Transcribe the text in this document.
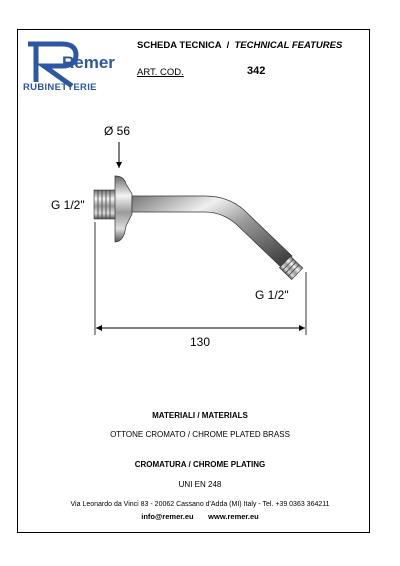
Remer
RUBINETTERIE
SCHEDA TECNICA / TECHNICAL FEATURES
ART. COD.	342
Ø 56
G 1/2"
G 1/2"
130
MATERIALI / MATERIALS
OTTONE CROMATO / CHROME PLATED BRASS
CROMATURA / CHROME PLATING
UNI EN 248
Via Leonardo da Vinci 83 - 20062 Cassano d'Adda (MI) Italy - Tel. +39 0363 364211
info@remer.eu www.remer.eu
